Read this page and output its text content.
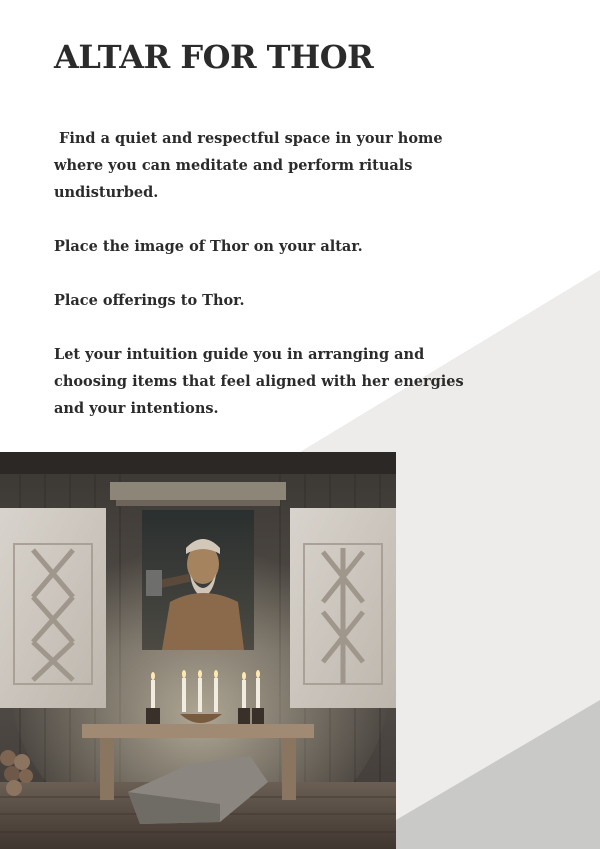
ALTAR FOR THOR

Find a quiet and respectful space in your home where you can meditate and perform rituals undisturbed.

Place the image of Thor on your altar.

Place offerings to Thor.

Let your intuition guide you in arranging and choosing items that feel aligned with her energies and your intentions.
